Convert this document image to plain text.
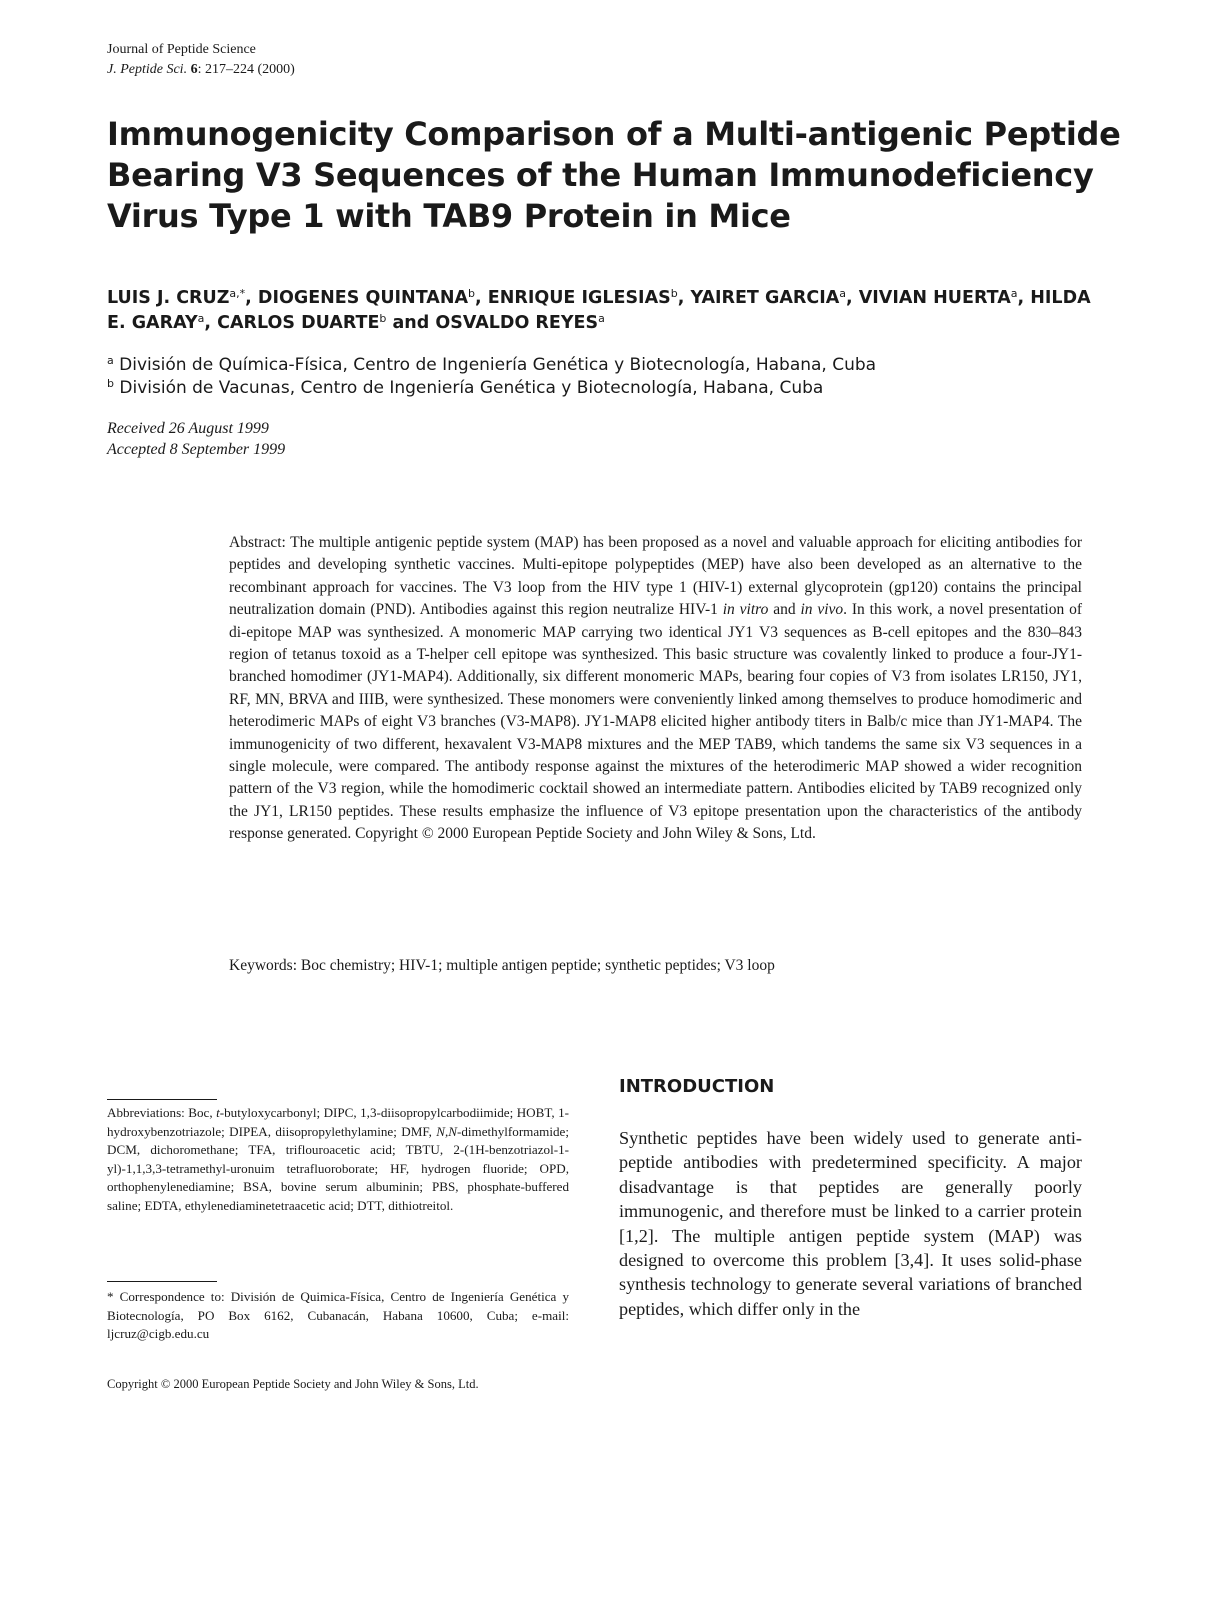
Journal of Peptide Science
J. Peptide Sci. 6: 217–224 (2000)
Immunogenicity Comparison of a Multi-antigenic Peptide
Bearing V3 Sequences of the Human Immunodeficiency
Virus Type 1 with TAB9 Protein in Mice
LUIS J. $CRUZ^{a,*}$, DIOGENES QUINTANA$^b$, ENRIQUE IGLESIAS$^b$, YAIRET GARCIA$^a$, VIVIAN HUERTA$^a$, HILDA
E. GARAY$^a$, CARLOS DUARTE$^b$ and OSVALDO REYES$^a$
$^a$ División de Química-Física, Centro de Ingeniería Genética y Biotecnología, Habana, Cuba
$^b$ División de Vacunas, Centro de Ingeniería Genética y Biotecnología, Habana, Cuba
Received 26 August 1999
Accepted 8 September 1999
Abstract: The multiple antigenic peptide system (MAP) has been proposed as a novel and valuable approach for eliciting antibodies for peptides and developing synthetic vaccines. Multi-epitope polypeptides (MEP) have also been developed as an alternative to the recombinant approach for vaccines. The V3 loop from the HIV type 1 (HIV-1) external glycoprotein (gp120) contains the principal neutralization domain (PND). Antibodies against this region neutralize HIV-1 in vitro and in vivo. In this work, a novel presentation of di-epitope MAP was synthesized. A monomeric MAP carrying two identical JY1 V3 sequences as B-cell epitopes and the 830–843 region of tetanus toxoid as a T-helper cell epitope was synthesized. This basic structure was covalently linked to produce a four-JY1-branched homodimer (JY1-MAP4). Additionally, six different monomeric MAPs, bearing four copies of V3 from isolates LR150, JY1, RF, MN, BRVA and IIIB, were synthesized. These monomers were conveniently linked among themselves to produce homodimeric and heterodimeric MAPs of eight V3 branches (V3-MAP8). JY1-MAP8 elicited higher antibody titers in Balb/c mice than JY1-MAP4. The immunogenicity of two different, hexavalent V3-MAP8 mixtures and the MEP TAB9, which tandems the same six V3 sequences in a single molecule, were compared. The antibody response against the mixtures of the heterodimeric MAP showed a wider recognition pattern of the V3 region, while the homodimeric cocktail showed an intermediate pattern. Antibodies elicited by TAB9 recognized only the JY1, LR150 peptides. These results emphasize the influence of V3 epitope presentation upon the characteristics of the antibody response generated. Copyright © 2000 European Peptide Society and John Wiley & Sons, Ltd.
Keywords: Boc chemistry; HIV-1; multiple antigen peptide; synthetic peptides; V3 loop
Abbreviations: Boc, t-butyloxycarbonyl; DIPC, 1,3-diisopropylcarbodiimide; HOBT, 1-hydroxybenzotriazole; DIPEA, diisopropylethylamine; DMF, N,N-dimethylformamide; DCM, dichoromethane; TFA, triflouroacetic acid; TBTU, 2-(1H-benzotriazol-1-yl)-1,1,3,3-tetramethyl-uronuim tetrafluoroborate; HF, hydrogen fluoride; OPD, orthophenylenediamine; BSA, bovine serum albuminin; PBS, phosphate-buffered saline; EDTA, ethylenediaminetetraacetic acid; DTT, dithiotreitol.
* Correspondence to: División de Quimica-Física, Centro de Ingeniería Genética y Biotecnología, PO Box 6162, Cubanacán, Habana 10600, Cuba; e-mail: ljcruz@cigb.edu.cu
Copyright © 2000 European Peptide Society and John Wiley & Sons, Ltd.
INTRODUCTION
Synthetic peptides have been widely used to generate anti-peptide antibodies with predetermined specificity. A major disadvantage is that peptides are generally poorly immunogenic, and therefore must be linked to a carrier protein [1,2]. The multiple antigen peptide system (MAP) was designed to overcome this problem [3,4]. It uses solid-phase synthesis technology to generate several variations of branched peptides, which differ only in the
